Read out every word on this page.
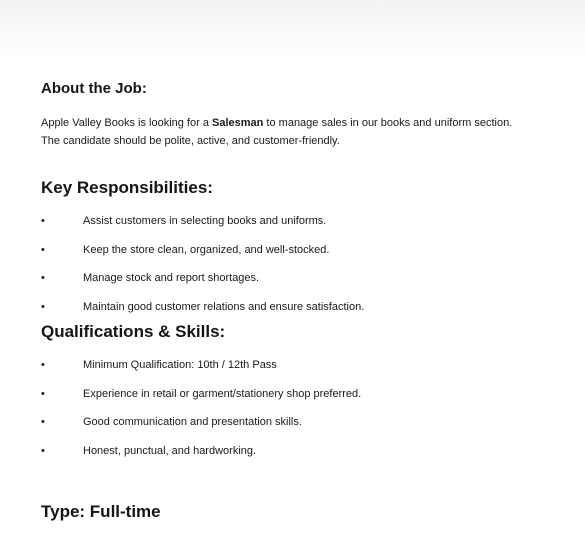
About the Job:

Apple Valley Books is looking for a Salesman to manage sales in our books and uniform section.
The candidate should be polite, active, and customer-friendly.

Key Responsibilities:
•	Assist customers in selecting books and uniforms.
•	Keep the store clean, organized, and well-stocked.
•	Manage stock and report shortages.
•	Maintain good customer relations and ensure satisfaction.
Qualifications & Skills:
•	Minimum Qualification: 10th / 12th Pass
•	Experience in retail or garment/stationery shop preferred.
•	Good communication and presentation skills.
•	Honest, punctual, and hardworking.
Type: Full-time
